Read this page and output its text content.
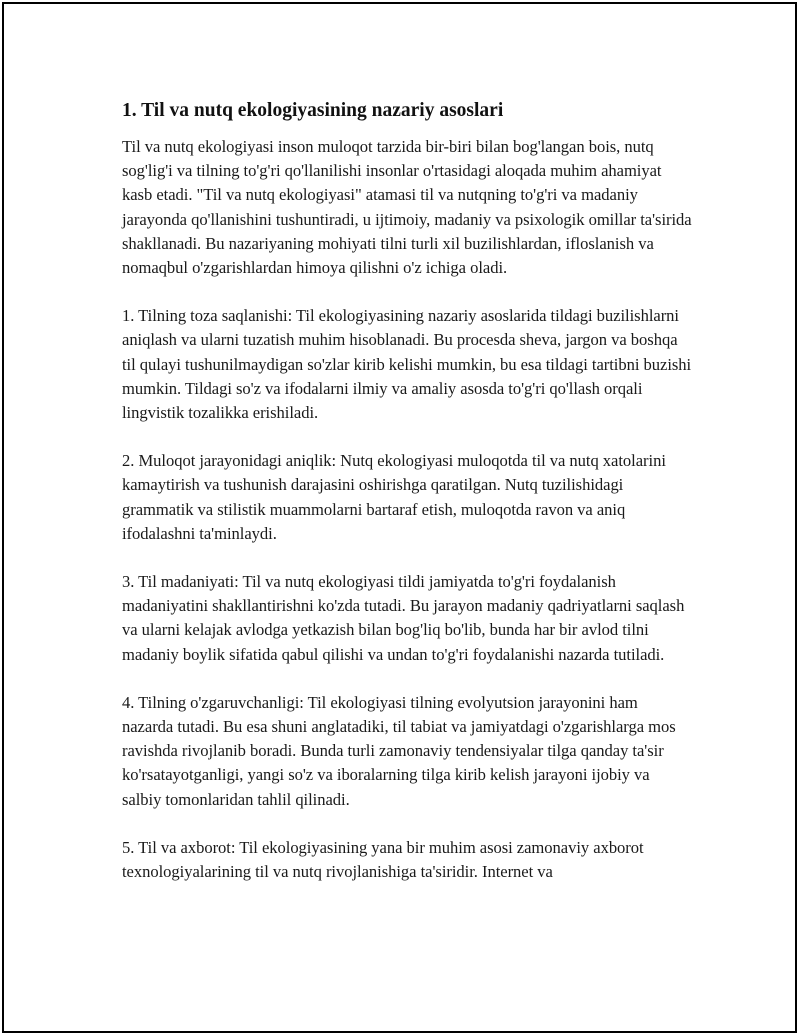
1. Til va nutq ekologiyasining nazariy asoslari

Til va nutq ekologiyasi inson muloqot tarzida bir-biri bilan bog'langan bois, nutq sog'lig'i va tilning to'g'ri qo'llanilishi insonlar o'rtasidagi aloqada muhim ahamiyat kasb etadi. "Til va nutq ekologiyasi" atamasi til va nutqning to'g'ri va madaniy jarayonda qo'llanishini tushuntiradi, u ijtimoiy, madaniy va psixologik omillar ta'sirida shakllanadi. Bu nazariyaning mohiyati tilni turli xil buzilishlardan, ifloslanish va nomaqbul o'zgarishlardan himoya qilishni o'z ichiga oladi.

1. Tilning toza saqlanishi: Til ekologiyasining nazariy asoslarida tildagi buzilishlarni aniqlash va ularni tuzatish muhim hisoblanadi. Bu procesda sheva, jargon va boshqa til qulayi tushunilmaydigan so'zlar kirib kelishi mumkin, bu esa tildagi tartibni buzishi mumkin. Tildagi so'z va ifodalarni ilmiy va amaliy asosda to'g'ri qo'llash orqali lingvistik tozalikka erishiladi.

2. Muloqot jarayonidagi aniqlik: Nutq ekologiyasi muloqotda til va nutq xatolarini kamaytirish va tushunish darajasini oshirishga qaratilgan. Nutq tuzilishidagi grammatik va stilistik muammolarni bartaraf etish, muloqotda ravon va aniq ifodalashni ta'minlaydi.

3. Til madaniyati: Til va nutq ekologiyasi tildi jamiyatda to'g'ri foydalanish madaniyatini shakllantirishni ko'zda tutadi. Bu jarayon madaniy qadriyatlarni saqlash va ularni kelajak avlodga yetkazish bilan bog'liq bo'lib, bunda har bir avlod tilni madaniy boylik sifatida qabul qilishi va undan to'g'ri foydalanishi nazarda tutiladi.

4. Tilning o'zgaruvchanligi: Til ekologiyasi tilning evolyutsion jarayonini ham nazarda tutadi. Bu esa shuni anglatadiki, til tabiat va jamiyatdagi o'zgarishlarga mos ravishda rivojlanib boradi. Bunda turli zamonaviy tendensiyalar tilga qanday ta'sir ko'rsatayotganligi, yangi so'z va iboralarning tilga kirib kelish jarayoni ijobiy va salbiy tomonlaridan tahlil qilinadi.

5. Til va axborot: Til ekologiyasining yana bir muhim asosi zamonaviy axborot texnologiyalarining til va nutq rivojlanishiga ta'siridir. Internet va
